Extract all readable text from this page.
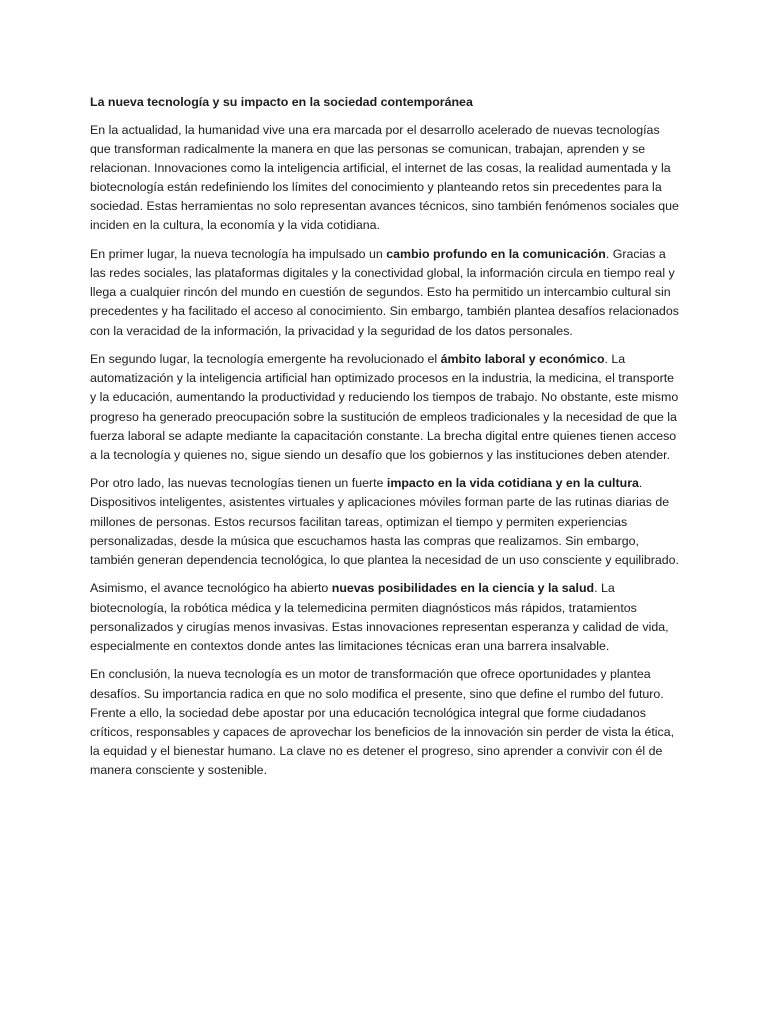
La nueva tecnología y su impacto en la sociedad contemporánea

En la actualidad, la humanidad vive una era marcada por el desarrollo acelerado de nuevas tecnologías que transforman radicalmente la manera en que las personas se comunican, trabajan, aprenden y se relacionan. Innovaciones como la inteligencia artificial, el internet de las cosas, la realidad aumentada y la biotecnología están redefiniendo los límites del conocimiento y planteando retos sin precedentes para la sociedad. Estas herramientas no solo representan avances técnicos, sino también fenómenos sociales que inciden en la cultura, la economía y la vida cotidiana.

En primer lugar, la nueva tecnología ha impulsado un cambio profundo en la comunicación. Gracias a las redes sociales, las plataformas digitales y la conectividad global, la información circula en tiempo real y llega a cualquier rincón del mundo en cuestión de segundos. Esto ha permitido un intercambio cultural sin precedentes y ha facilitado el acceso al conocimiento. Sin embargo, también plantea desafíos relacionados con la veracidad de la información, la privacidad y la seguridad de los datos personales.

En segundo lugar, la tecnología emergente ha revolucionado el ámbito laboral y económico. La automatización y la inteligencia artificial han optimizado procesos en la industria, la medicina, el transporte y la educación, aumentando la productividad y reduciendo los tiempos de trabajo. No obstante, este mismo progreso ha generado preocupación sobre la sustitución de empleos tradicionales y la necesidad de que la fuerza laboral se adapte mediante la capacitación constante. La brecha digital entre quienes tienen acceso a la tecnología y quienes no, sigue siendo un desafío que los gobiernos y las instituciones deben atender.

Por otro lado, las nuevas tecnologías tienen un fuerte impacto en la vida cotidiana y en la cultura. Dispositivos inteligentes, asistentes virtuales y aplicaciones móviles forman parte de las rutinas diarias de millones de personas. Estos recursos facilitan tareas, optimizan el tiempo y permiten experiencias personalizadas, desde la música que escuchamos hasta las compras que realizamos. Sin embargo, también generan dependencia tecnológica, lo que plantea la necesidad de un uso consciente y equilibrado.

Asimismo, el avance tecnológico ha abierto nuevas posibilidades en la ciencia y la salud. La biotecnología, la robótica médica y la telemedicina permiten diagnósticos más rápidos, tratamientos personalizados y cirugías menos invasivas. Estas innovaciones representan esperanza y calidad de vida, especialmente en contextos donde antes las limitaciones técnicas eran una barrera insalvable.

En conclusión, la nueva tecnología es un motor de transformación que ofrece oportunidades y plantea desafíos. Su importancia radica en que no solo modifica el presente, sino que define el rumbo del futuro. Frente a ello, la sociedad debe apostar por una educación tecnológica integral que forme ciudadanos críticos, responsables y capaces de aprovechar los beneficios de la innovación sin perder de vista la ética, la equidad y el bienestar humano. La clave no es detener el progreso, sino aprender a convivir con él de manera consciente y sostenible.
